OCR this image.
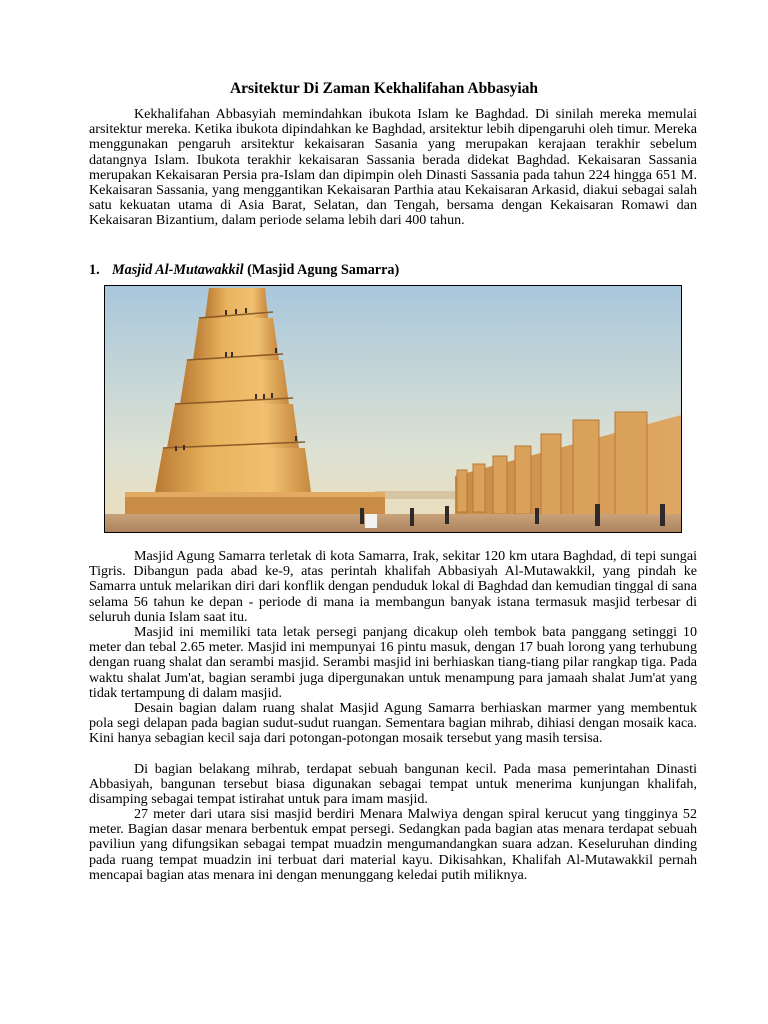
Arsitektur Di Zaman Kekhalifahan Abbasyiah

Kekhalifahan Abbasyiah memindahkan ibukota Islam ke Baghdad. Di sinilah mereka memulai arsitektur mereka. Ketika ibukota dipindahkan ke Baghdad, arsitektur lebih dipengaruhi oleh timur. Mereka menggunakan pengaruh arsitektur kekaisaran Sasania yang merupakan kerajaan terakhir sebelum datangnya Islam. Ibukota terakhir kekaisaran Sassania berada didekat Baghdad. Kekaisaran Sassania merupakan Kekaisaran Persia pra-Islam dan dipimpin oleh Dinasti Sassania pada tahun 224 hingga 651 M. Kekaisaran Sassania, yang menggantikan Kekaisaran Parthia atau Kekaisaran Arkasid, diakui sebagai salah satu kekuatan utama di Asia Barat, Selatan, dan Tengah, bersama dengan Kekaisaran Romawi dan Kekaisaran Bizantium, dalam periode selama lebih dari 400 tahun.

1. Masjid Al-Mutawakkil (Masjid Agung Samarra)

Masjid Agung Samarra terletak di kota Samarra, Irak, sekitar 120 km utara Baghdad, di tepi sungai Tigris. Dibangun pada abad ke-9, atas perintah khalifah Abbasiyah Al-Mutawakkil, yang pindah ke Samarra untuk melarikan diri dari konflik dengan penduduk lokal di Baghdad dan kemudian tinggal di sana selama 56 tahun ke depan - periode di mana ia membangun banyak istana termasuk masjid terbesar di seluruh dunia Islam saat itu.

Masjid ini memiliki tata letak persegi panjang dicakup oleh tembok bata panggang setinggi 10 meter dan tebal 2.65 meter. Masjid ini mempunyai 16 pintu masuk, dengan 17 buah lorong yang terhubung dengan ruang shalat dan serambi masjid. Serambi masjid ini berhiaskan tiang-tiang pilar rangkap tiga. Pada waktu shalat Jum'at, bagian serambi juga dipergunakan untuk menampung para jamaah shalat Jum'at yang tidak tertampung di dalam masjid.

Desain bagian dalam ruang shalat Masjid Agung Samarra berhiaskan marmer yang membentuk pola segi delapan pada bagian sudut-sudut ruangan. Sementara bagian mihrab, dihiasi dengan mosaik kaca. Kini hanya sebagian kecil saja dari potongan-potongan mosaik tersebut yang masih tersisa.

Di bagian belakang mihrab, terdapat sebuah bangunan kecil. Pada masa pemerintahan Dinasti Abbasiyah, bangunan tersebut biasa digunakan sebagai tempat untuk menerima kunjungan khalifah, disamping sebagai tempat istirahat untuk para imam masjid.

27 meter dari utara sisi masjid berdiri Menara Malwiya dengan spiral kerucut yang tingginya 52 meter. Bagian dasar menara berbentuk empat persegi. Sedangkan pada bagian atas menara terdapat sebuah paviliun yang difungsikan sebagai tempat muadzin mengumandangkan suara adzan. Keseluruhan dinding pada ruang tempat muadzin ini terbuat dari material kayu. Dikisahkan, Khalifah Al-Mutawakkil pernah mencapai bagian atas menara ini dengan menunggang keledai putih miliknya.
